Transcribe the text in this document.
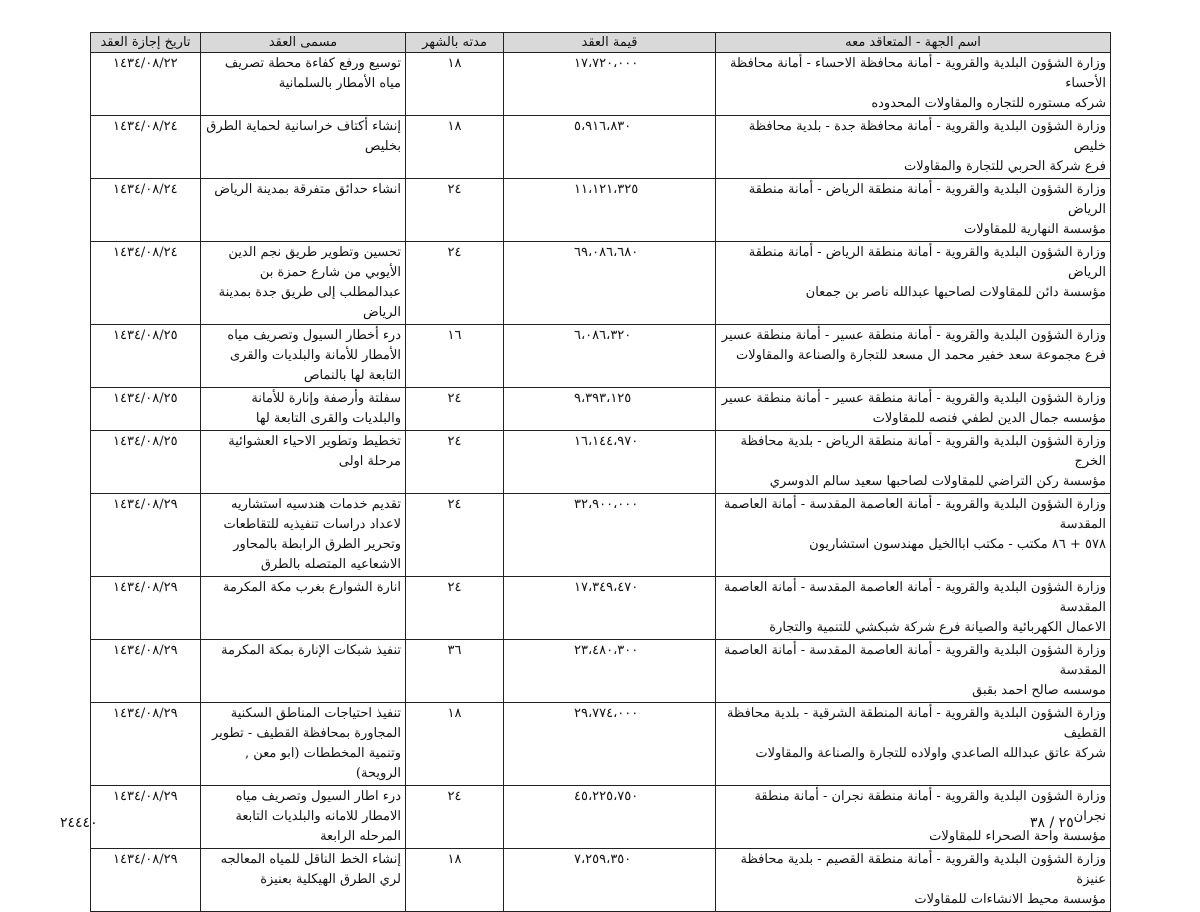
اسم الجهة - المتعاقد معه	قيمة العقد	مدته بالشهر	مسمى العقد	تاريخ إجازة العقد

وزارة الشؤون البلدية والقروية - أمانة محافظة الاحساء - أمانة محافظة الأحساء
شركه مستوره للتجاره والمقاولات المحدوده	١٧،٧٢٠،٠٠٠	١٨	توسيع ورفع كفاءة محطة تصريف مياه الأمطار بالسلمانية	١٤٣٤/٠٨/٢٢

وزارة الشؤون البلدية والقروية - أمانة محافظة جدة - بلدية محافظة خليص
فرع شركة الحربي للتجارة والمقاولات	٥،٩١٦،٨٣٠	١٨	إنشاء أكتاف خراسانية لحماية الطرق بخليص	١٤٣٤/٠٨/٢٤

وزارة الشؤون البلدية والقروية - أمانة منطقة الرياض - أمانة منطقة الرياض
مؤسسة النهارية للمقاولات	١١،١٢١،٣٢٥	٢٤	انشاء حدائق متفرقة بمدينة الرياض	١٤٣٤/٠٨/٢٤

وزارة الشؤون البلدية والقروية - أمانة منطقة الرياض - أمانة منطقة الرياض
مؤسسة دائن للمقاولات لصاحبها عبدالله ناصر بن جمعان	٦٩،٠٨٦،٦٨٠	٢٤	تحسين وتطوير طريق نجم الدين الأيوبي من شارع حمزة بن عبدالمطلب إلى طريق جدة بمدينة الرياض	١٤٣٤/٠٨/٢٤

وزارة الشؤون البلدية والقروية - أمانة منطقة عسير - أمانة منطقة عسير
فرع مجموعة سعد خفير محمد ال مسعد للتجارة والصناعة والمقاولات	٦،٠٨٦،٣٢٠	١٦	درء أخطار السيول وتصريف مياه الأمطار للأمانة والبلديات والقرى التابعة لها بالنماص	١٤٣٤/٠٨/٢٥

وزارة الشؤون البلدية والقروية - أمانة منطقة عسير - أمانة منطقة عسير
مؤسسه جمال الدين لطفي فنصه للمقاولات	٩،٣٩٣،١٢٥	٢٤	سفلتة وأرصفة وإنارة للأمانة والبلديات والقرى التابعة لها	١٤٣٤/٠٨/٢٥

وزارة الشؤون البلدية والقروية - أمانة منطقة الرياض - بلدية محافظة الخرج
مؤسسة ركن التراضي للمقاولات لصاحبها سعيد سالم الدوسري	١٦،١٤٤،٩٧٠	٢٤	تخطيط وتطوير الاحياء العشوائية مرحلة اولى	١٤٣٤/٠٨/٢٥

وزارة الشؤون البلدية والقروية - أمانة العاصمة المقدسة - أمانة العاصمة المقدسة
٥٧٨ + ٨٦ مكتب - مكتب اباالخيل مهندسون استشاريون	٣٢،٩٠٠،٠٠٠	٢٤	تقديم خدمات هندسيه استشاريه لاعداد دراسات تنفيذيه للتقاطعات وتحرير الطرق الرابطة بالمحاور الاشعاعيه المتصله بالطرق	١٤٣٤/٠٨/٢٩

وزارة الشؤون البلدية والقروية - أمانة العاصمة المقدسة - أمانة العاصمة المقدسة
الاعمال الكهربائية والصيانة فرع شركة شبكشي للتنمية والتجارة	١٧،٣٤٩،٤٧٠	٢٤	انارة الشوارع بغرب مكة المكرمة	١٤٣٤/٠٨/٢٩

وزارة الشؤون البلدية والقروية - أمانة العاصمة المقدسة - أمانة العاصمة المقدسة
موسسه صالح احمد بقبق	٢٣،٤٨٠،٣٠٠	٣٦	تنفيذ شبكات الإنارة بمكة المكرمة	١٤٣٤/٠٨/٢٩

وزارة الشؤون البلدية والقروية - أمانة المنطقة الشرقية - بلدية محافظة القطيف
شركة عاتق عبدالله الصاعدي واولاده للتجارة والصناعة والمقاولات	٢٩،٧٧٤،٠٠٠	١٨	تنفيذ احتياجات المناطق السكنية المجاورة بمحافظة القطيف - تطوير وتنمية المخططات (ابو معن , الرويحة)	١٤٣٤/٠٨/٢٩

وزارة الشؤون البلدية والقروية - أمانة منطقة نجران - أمانة منطقة نجران
مؤسسة واحة الصحراء للمقاولات	٤٥،٢٢٥،٧٥٠	٢٤	درء اطار السيول وتصريف مياه الامطار للامانه والبلديات التابعة المرحله الرابعة	١٤٣٤/٠٨/٢٩

وزارة الشؤون البلدية والقروية - أمانة منطقة القصيم - بلدية محافظة عنيزة
مؤسسة محيط الانشاءات للمقاولات	٧،٢٥٩،٣٥٠	١٨	إنشاء الخط الناقل للمياه المعالجه لري الطرق الهيكلية بعنيزة	١٤٣٤/٠٨/٢٩
٢٤٤٤٠	٢٥ / ٣٨
